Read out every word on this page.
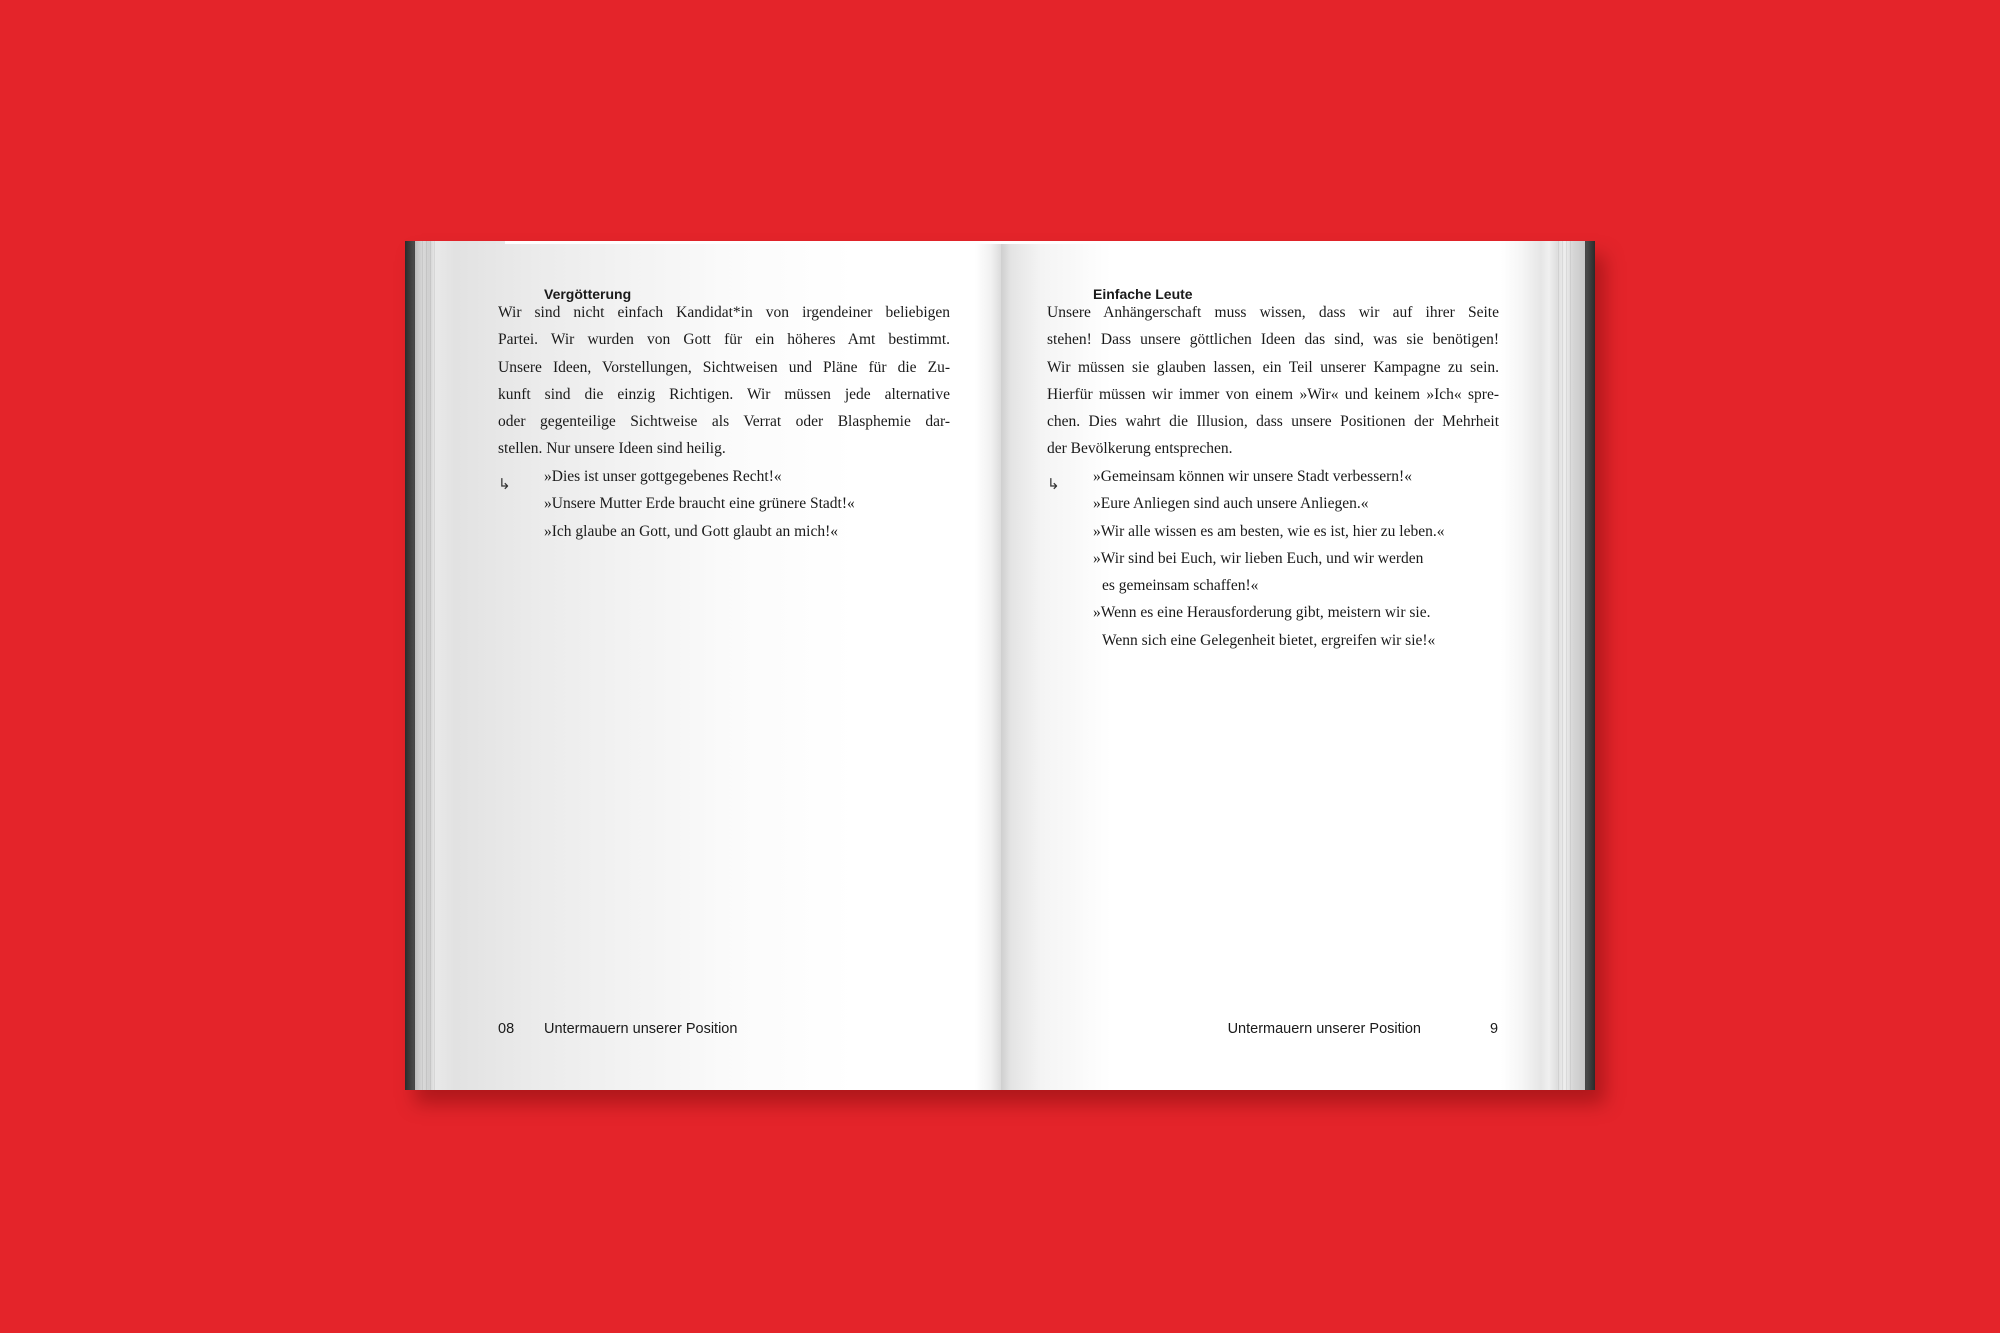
Vergötterung
Wir sind nicht einfach Kandidat*in von irgendeiner beliebigen
Partei. Wir wurden von Gott für ein höheres Amt bestimmt.
Unsere Ideen, Vorstellungen, Sichtweisen und Pläne für die Zu-
kunft sind die einzig Richtigen. Wir müssen jede alternative
oder gegenteilige Sichtweise als Verrat oder Blasphemie dar-
stellen. Nur unsere Ideen sind heilig.
↳ »Dies ist unser gottgegebenes Recht!«
»Unsere Mutter Erde braucht eine grünere Stadt!«
»Ich glaube an Gott, und Gott glaubt an mich!«
08 Untermauern unserer Position
Einfache Leute
Unsere Anhängerschaft muss wissen, dass wir auf ihrer Seite
stehen! Dass unsere göttlichen Ideen das sind, was sie benötigen!
Wir müssen sie glauben lassen, ein Teil unserer Kampagne zu sein.
Hierfür müssen wir immer von einem »Wir« und keinem »Ich« spre-
chen. Dies wahrt die Illusion, dass unsere Positionen der Mehrheit
der Bevölkerung entsprechen.
↳ »Gemeinsam können wir unsere Stadt verbessern!«
»Eure Anliegen sind auch unsere Anliegen.«
»Wir alle wissen es am besten, wie es ist, hier zu leben.«
»Wir sind bei Euch, wir lieben Euch, und wir werden
es gemeinsam schaffen!«
»Wenn es eine Herausforderung gibt, meistern wir sie.
Wenn sich eine Gelegenheit bietet, ergreifen wir sie!«
Untermauern unserer Position	9
